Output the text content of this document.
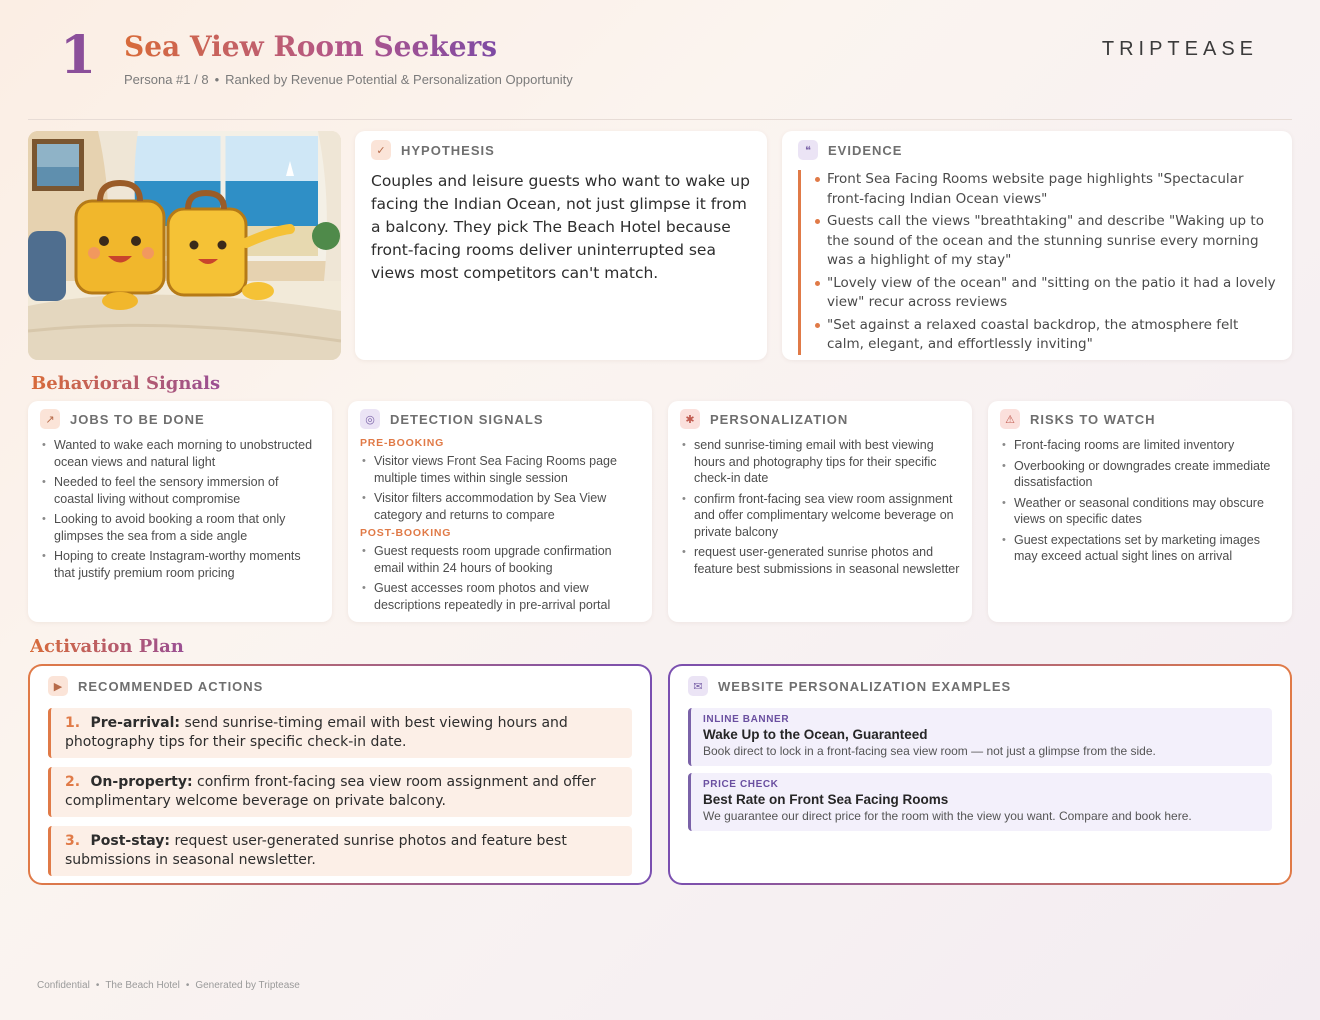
1 Sea View Room Seekers
Persona #1 / 8 • Ranked by Revenue Potential & Personalization Opportunity
TRIPTEASE
✓	HYPOTHESIS

Couples and leisure guests who want to wake up facing the Indian Ocean, not just glimpse it from a balcony. They pick The Beach Hotel because front-facing rooms deliver uninterrupted sea views most competitors can't match.

❝	EVIDENCE
Front Sea Facing Rooms website page highlights "Spectacular front-facing Indian Ocean views"
Guests call the views "breathtaking" and describe "Waking up to the sound of the ocean and the stunning sunrise every morning was a highlight of my stay"
"Lovely view of the ocean" and "sitting on the patio it had a lovely view" recur across reviews
"Set against a relaxed coastal backdrop, the atmosphere felt calm, elegant, and effortlessly inviting"
Behavioral Signals
↗	JOBS TO BE DONE
• Wanted to wake each morning to unobstructed ocean views and natural light
• Needed to feel the sensory immersion of coastal living without compromise
• Looking to avoid booking a room that only glimpses the sea from a side angle
• Hoping to create Instagram-worthy moments that justify premium room pricing
◎	DETECTION SIGNALS
PRE-BOOKING
• Visitor views Front Sea Facing Rooms page multiple times within single session
• Visitor filters accommodation by Sea View category and returns to compare
POST-BOOKING
• Guest requests room upgrade confirmation email within 24 hours of booking
• Guest accesses room photos and view descriptions repeatedly in pre-arrival portal
✱	PERSONALIZATION
• send sunrise-timing email with best viewing hours and photography tips for their specific check-in date
• confirm front-facing sea view room assignment and offer complimentary welcome beverage on private balcony
• request user-generated sunrise photos and feature best submissions in seasonal newsletter
⚠	RISKS TO WATCH
• Front-facing rooms are limited inventory
• Overbooking or downgrades create immediate dissatisfaction
• Weather or seasonal conditions may obscure views on specific dates
• Guest expectations set by marketing images may exceed actual sight lines on arrival
Activation Plan
▶	RECOMMENDED ACTIONS
1. Pre-arrival: send sunrise-timing email with best viewing hours and photography tips for their specific check-in date.
2. On-property: confirm front-facing sea view room assignment and offer complimentary welcome beverage on private balcony.
3. Post-stay: request user-generated sunrise photos and feature best submissions in seasonal newsletter.
✉	WEBSITE PERSONALIZATION EXAMPLES
INLINE BANNER
Wake Up to the Ocean, Guaranteed
Book direct to lock in a front-facing sea view room — not just a glimpse from the side.
PRICE CHECK
Best Rate on Front Sea Facing Rooms
We guarantee our direct price for the room with the view you want. Compare and book here.
Confidential • The Beach Hotel • Generated by Triptease
